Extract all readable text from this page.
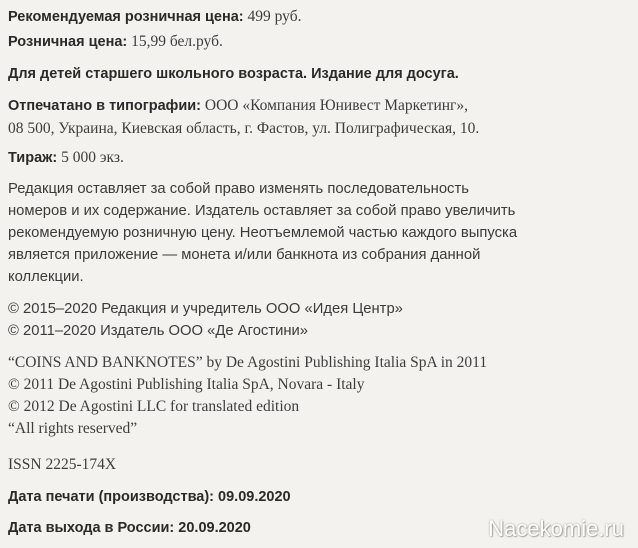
Рекомендуемая розничная цена: 499 руб.
Розничная цена: 15,99 бел.руб.
Для детей старшего школьного возраста. Издание для досуга.
Отпечатано в типографии: ООО «Компания Юнивест Маркетинг»,
08 500, Украина, Киевская область, г. Фастов, ул. Полиграфическая, 10.
Тираж: 5 000 экз.
Редакция оставляет за собой право изменять последовательность
номеров и их содержание. Издатель оставляет за собой право увеличить
рекомендуемую розничную цену. Неотъемлемой частью каждого выпуска
является приложение — монета и/или банкнота из собрания данной
коллекции.
© 2015–2020 Редакция и учредитель ООО «Идея Центр»
© 2011–2020 Издатель ООО «Де Агостини»
“COINS AND BANKNOTES” by De Agostini Publishing Italia SpA in 2011
© 2011 De Agostini Publishing Italia SpA, Novara - Italy
© 2012 De Agostini LLC for translated edition
“All rights reserved”
ISSN 2225-174X
Дата печати (производства): 09.09.2020
Дата выхода в России: 20.09.2020	Nacekomie.ru
